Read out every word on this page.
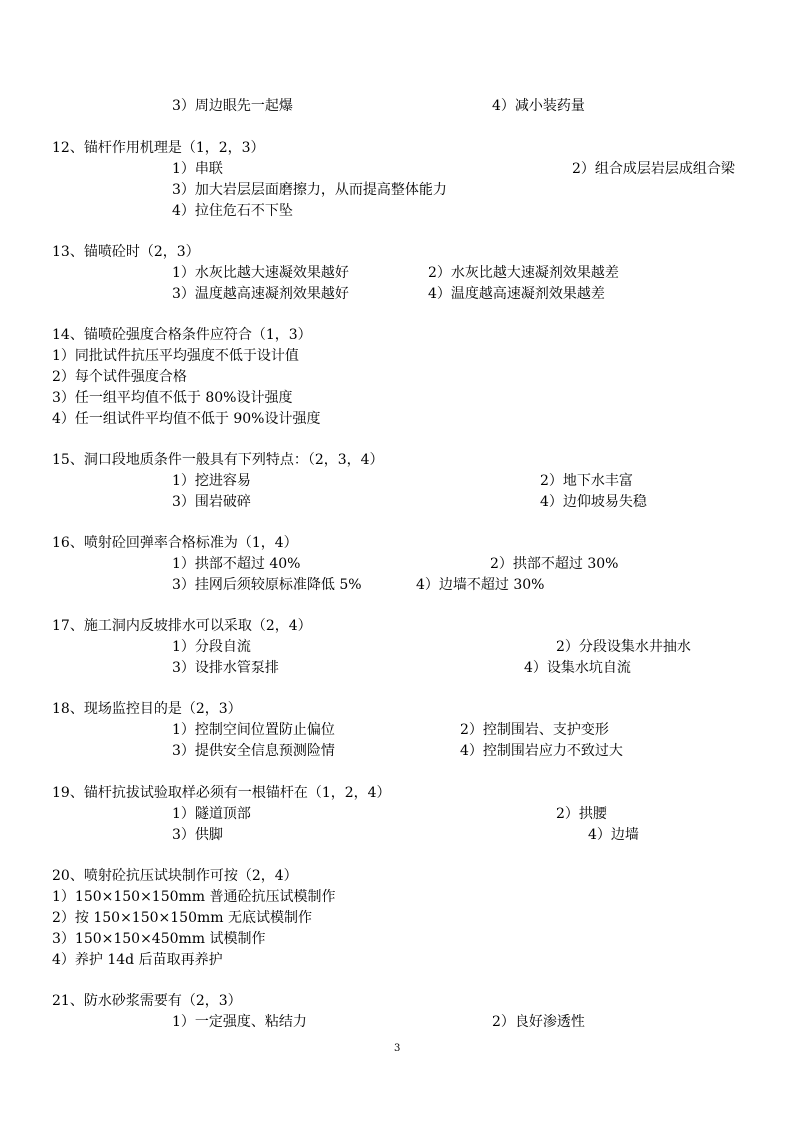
3）周边眼先一起爆	4）减小装药量
12、锚杆作用机理是（1，2，3）
1）串联	2）组合成层岩层成组合梁
3）加大岩层层面磨擦力，从而提高整体能力
4）拉住危石不下坠
13、锚喷砼时（2，3）
1）水灰比越大速凝效果越好	2）水灰比越大速凝剂效果越差
3）温度越高速凝剂效果越好	4）温度越高速凝剂效果越差
14、锚喷砼强度合格条件应符合（1，3）
1）同批试件抗压平均强度不低于设计值
2）每个试件强度合格
3）任一组平均值不低于 80%设计强度
4）任一组试件平均值不低于 90%设计强度
15、洞口段地质条件一般具有下列特点：（2，3，4）
1）挖进容易	2）地下水丰富
3）围岩破碎	4）边仰坡易失稳
16、喷射砼回弹率合格标准为（1，4）
1）拱部不超过 40%	2）拱部不超过 30%
3）挂网后须较原标准降低 5%	4）边墙不超过 30%
17、施工洞内反坡排水可以采取（2，4）
1）分段自流	2）分段设集水井抽水
3）设排水管泵排	4）设集水坑自流
18、现场监控目的是（2，3）
1）控制空间位置防止偏位	2）控制围岩、支护变形
3）提供安全信息预测险情	4）控制围岩应力不致过大
19、锚杆抗拔试验取样必须有一根锚杆在（1，2，4）
1）隧道顶部	2）拱腰
3）供脚	4）边墙
20、喷射砼抗压试块制作可按（2，4）
1）150×150×150mm 普通砼抗压试模制作
2）按 150×150×150mm 无底试模制作
3）150×150×450mm 试模制作
4）养护 14d 后苗取再养护
21、防水砂浆需要有（2，3）
1）一定强度、粘结力	2）良好渗透性
3
